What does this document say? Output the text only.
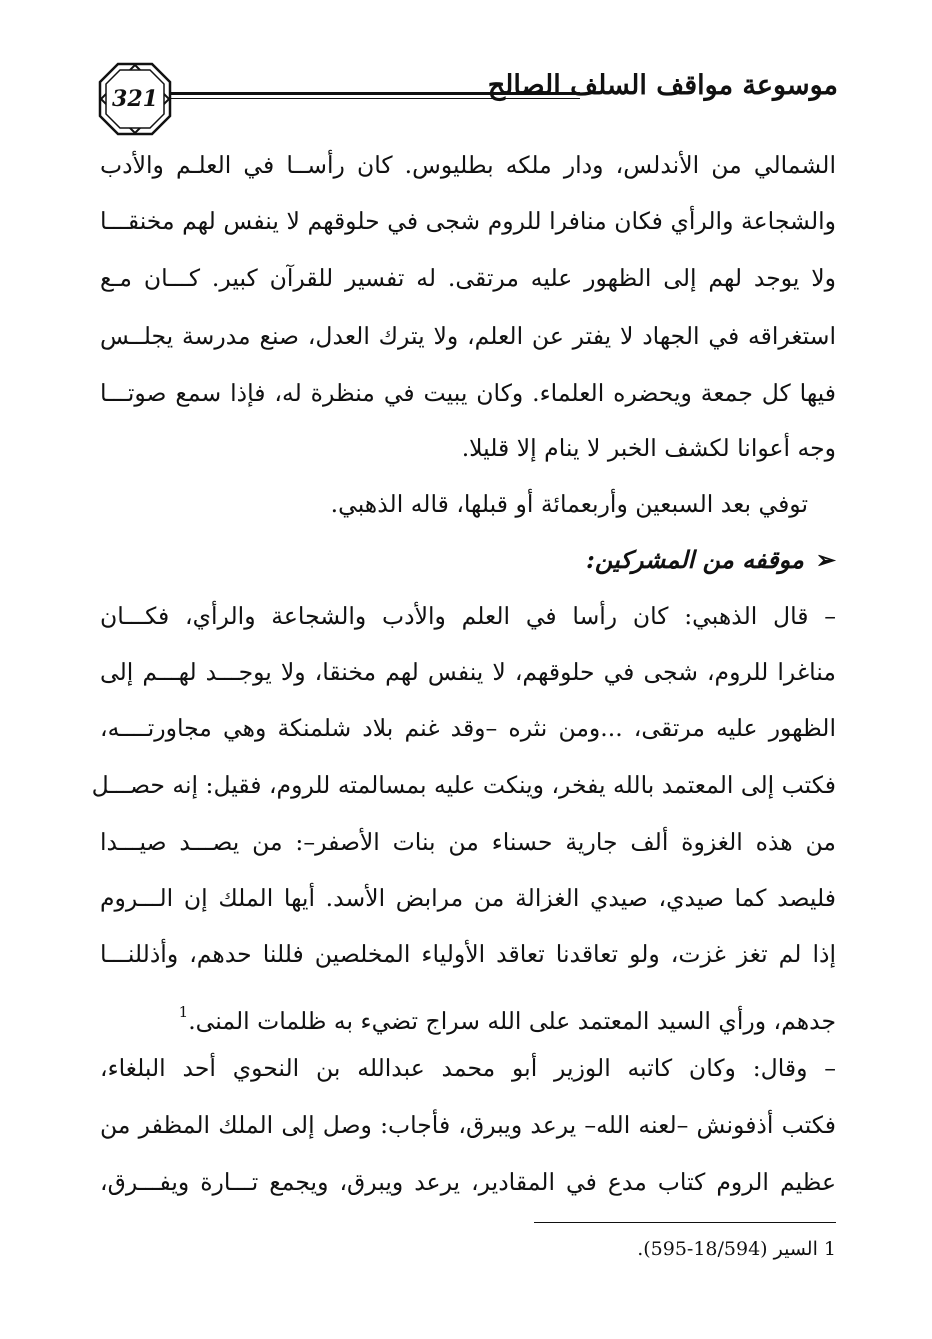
موسوعة مواقف السلف الصالح
321
الشمالي من الأندلس، ودار ملكه بطليوس. كان رأســا في العلـم والأدب
والشجاعة والرأي فكان منافرا للروم شجى في حلوقهم لا ينفس لهم مخنقـــا
ولا يوجد لهم إلى الظهور عليه مرتقى. له تفسير للقرآن كبير. كـــان مـع
استغراقه في الجهاد لا يفتر عن العلم، ولا يترك العدل، صنع مدرسة يجلــس
فيها كل جمعة ويحضره العلماء. وكان يبيت في منظرة له، فإذا سمع صوتـــا
وجه أعوانا لكشف الخبر لا ينام إلا قليلا.
توفي بعد السبعين وأربعمائة أو قبلها، قاله الذهبي.
➢موقفه من المشركين:
– قال الذهبي: كان رأسا في العلم والأدب والشجاعة والرأي، فكـــان
مناغرا للروم، شجى في حلوقهم، لا ينفس لهم مخنقا، ولا يوجـــد لهـــم إلى
الظهور عليه مرتقى، ...ومن نثره –وقد غنم بلاد شلمنكة وهي مجاورتــــه،
فكتب إلى المعتمد بالله يفخر، وينكت عليه بمسالمته للروم، فقيل: إنه حصـــل
من هذه الغزوة ألف جارية حسناء من بنات الأصفر–: من يصـــد صيـــدا
فليصد كما صيدي، صيدي الغزالة من مرابض الأسد. أيها الملك إن الـــروم
إذا لم تغز غزت، ولو تعاقدنا تعاقد الأولياء المخلصين فللنا حدهم، وأذللنـــا
جدهم، ورأي السيد المعتمد على الله سراج تضيء به ظلمات المنى.$^1$
– وقال: وكان كاتبه الوزير أبو محمد عبدالله بن النحوي أحد البلغاء،
فكتب أذفونش –لعنه الله– يرعد ويبرق، فأجاب: وصل إلى الملك المظفر من
عظيم الروم كتاب مدع في المقادير، يرعد ويبرق، ويجمع تـــارة ويفـــرق،
1 السير (18/594-595).
